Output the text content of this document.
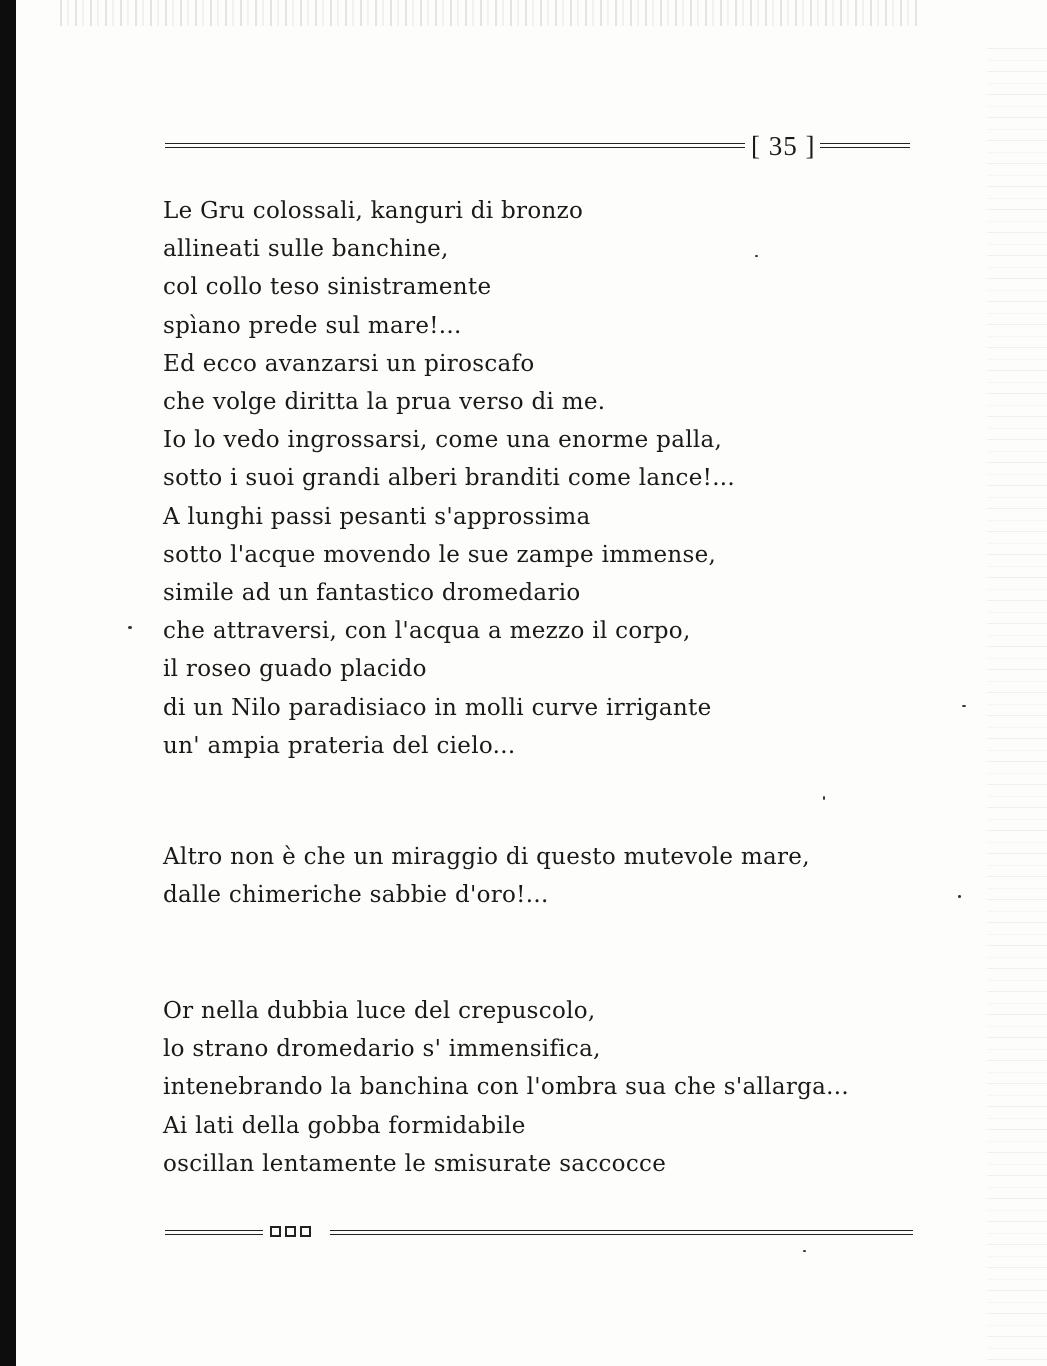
[ 35 ]
Le Gru colossali, kanguri di bronzo
allineati sulle banchine,
col collo teso sinistramente
spìano prede sul mare!...
Ed ecco avanzarsi un piroscafo
che volge diritta la prua verso di me.
Io lo vedo ingrossarsi, come una enorme palla,
sotto i suoi grandi alberi branditi come lance!...
A lunghi passi pesanti s'approssima
sotto l'acque movendo le sue zampe immense,
simile ad un fantastico dromedario
che attraversi, con l'acqua a mezzo il corpo,
il roseo guado placido
di un Nilo paradisiaco in molli curve irrigante
un' ampia prateria del cielo...
Altro non è che un miraggio di questo mutevole mare,
dalle chimeriche sabbie d'oro!...
Or nella dubbia luce del crepuscolo,
lo strano dromedario s' immensifica,
intenebrando la banchina con l'ombra sua che s'allarga...
Ai lati della gobba formidabile
oscillan lentamente le smisurate saccocce
